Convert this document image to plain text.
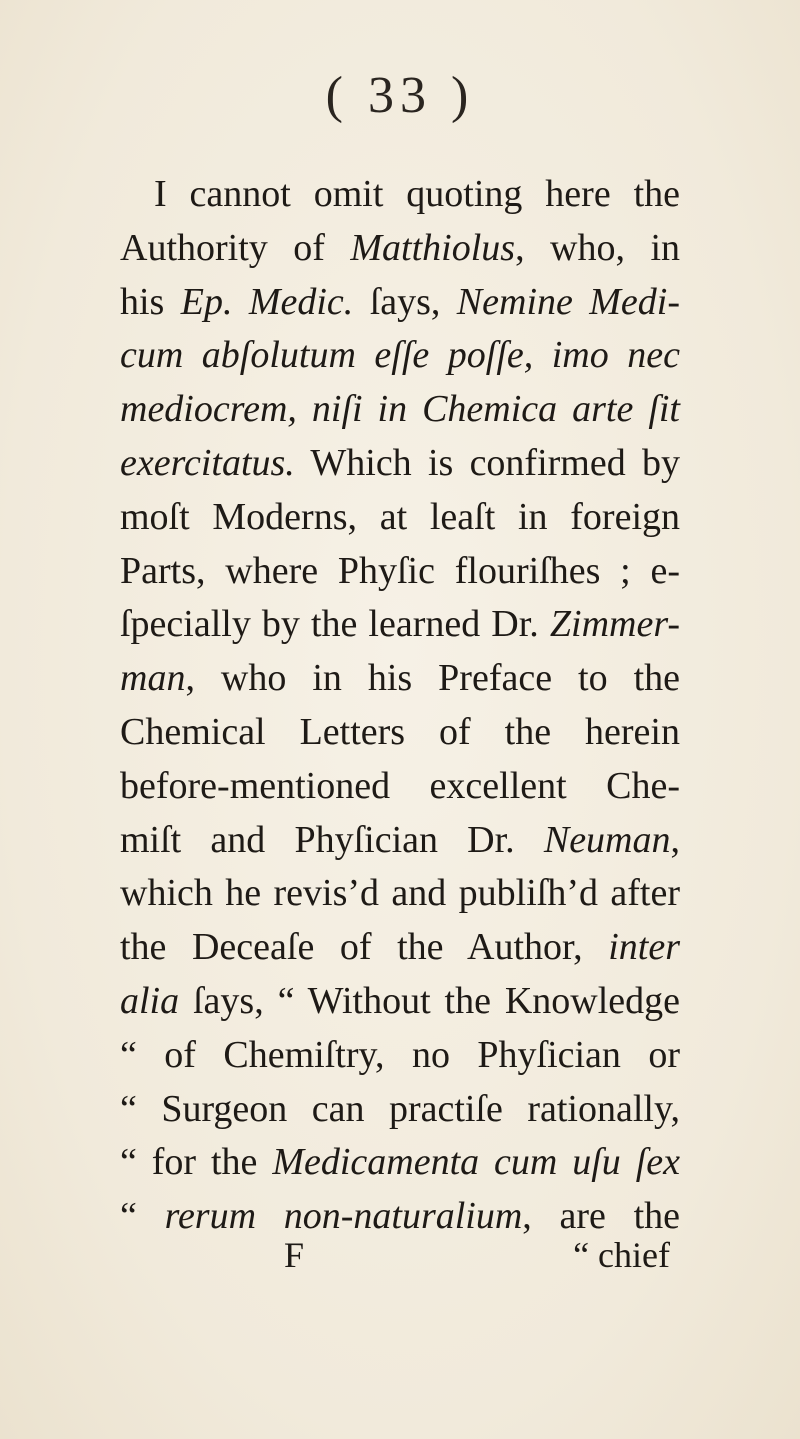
( 33 )
I cannot omit quoting here the
Authority of Matthiolus, who, in
his Ep. Medic. ſays, Nemine Medi-
cum abſolutum eſſe poſſe, imo nec
mediocrem, niſi in Chemica arte ſit
exercitatus. Which is confirmed by
moſt Moderns, at leaſt in foreign
Parts, where Phyſic flouriſhes ; e-
ſpecially by the learned Dr. Zimmer-
man, who in his Preface to the
Chemical Letters of the herein
before-mentioned excellent Che-
miſt and Phyſician Dr. Neuman,
which he revis’d and publiſh’d after
the Deceaſe of the Author, inter
alia ſays, “ Without the Knowledge
“ of Chemiſtry, no Phyſician or
“ Surgeon can practiſe rationally,
“ for the Medicamenta cum uſu ſex
“ rerum non-naturalium, are the
F	“ chief
